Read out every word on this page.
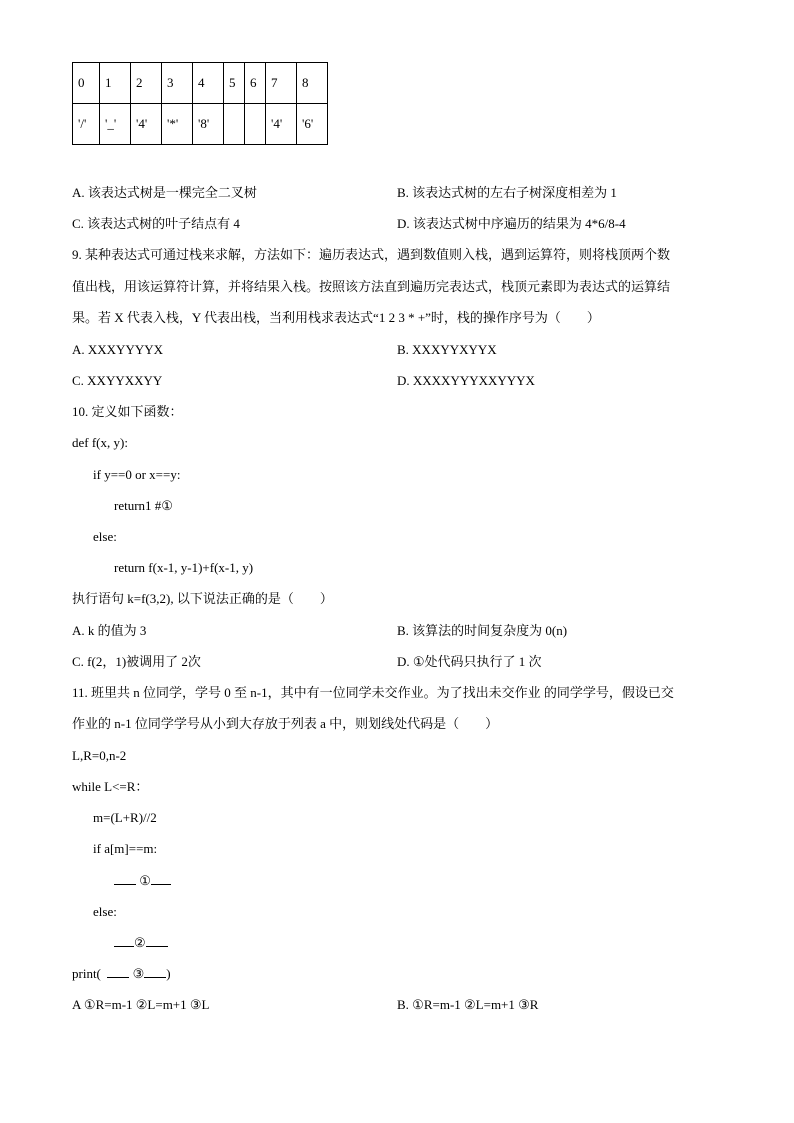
0	1	2	3	4	5	6	7	8
'/'	'_'	'4'	'*'	'8'			'4'	'6'
A. 该表达式树是一棵完全二叉树	B. 该表达式树的左右子树深度相差为 1
C. 该表达式树的叶子结点有 4	D. 该表达式树中序遍历的结果为 4*6/8-4
9. 某种表达式可通过栈来求解，方法如下：遍历表达式，遇到数值则入栈，遇到运算符，则将栈顶两个数
值出栈，用该运算符计算，并将结果入栈。按照该方法直到遍历完表达式，栈顶元素即为表达式的运算结
果。若 X 代表入栈，Y 代表出栈，当利用栈求表达式“1 2 3 * +”时，栈的操作序号为（　　）
A. XXXYYYYX	B. XXXYYXYYX
C. XXYYXXYY	D. XXXXYYYXXYYYX
10. 定义如下函数：
def f(x, y):
if y==0 or x==y:
return1 #①
else:
return f(x-1, y-1)+f(x-1, y)
执行语句 k=f(3,2), 以下说法正确的是（　　）
A. k 的值为 3	B. 该算法的时间复杂度为 0(n)
C. f(2，1)被调用了 2次	D. ①处代码只执行了 1 次
11. 班里共 n 位同学，学号 0 至 n-1，其中有一位同学未交作业。为了找出未交作业 的同学学号，假设已交
作业的 n-1 位同学学号从小到大存放于列表 a 中，则划线处代码是（　　）
L,R=0,n-2
while L<=R：
m=(L+R)//2
if a[m]==m:
①
else:
②
print( ③ )
A ①R=m-1 ②L=m+1 ③L	B. ①R=m-1 ②L=m+1 ③R
